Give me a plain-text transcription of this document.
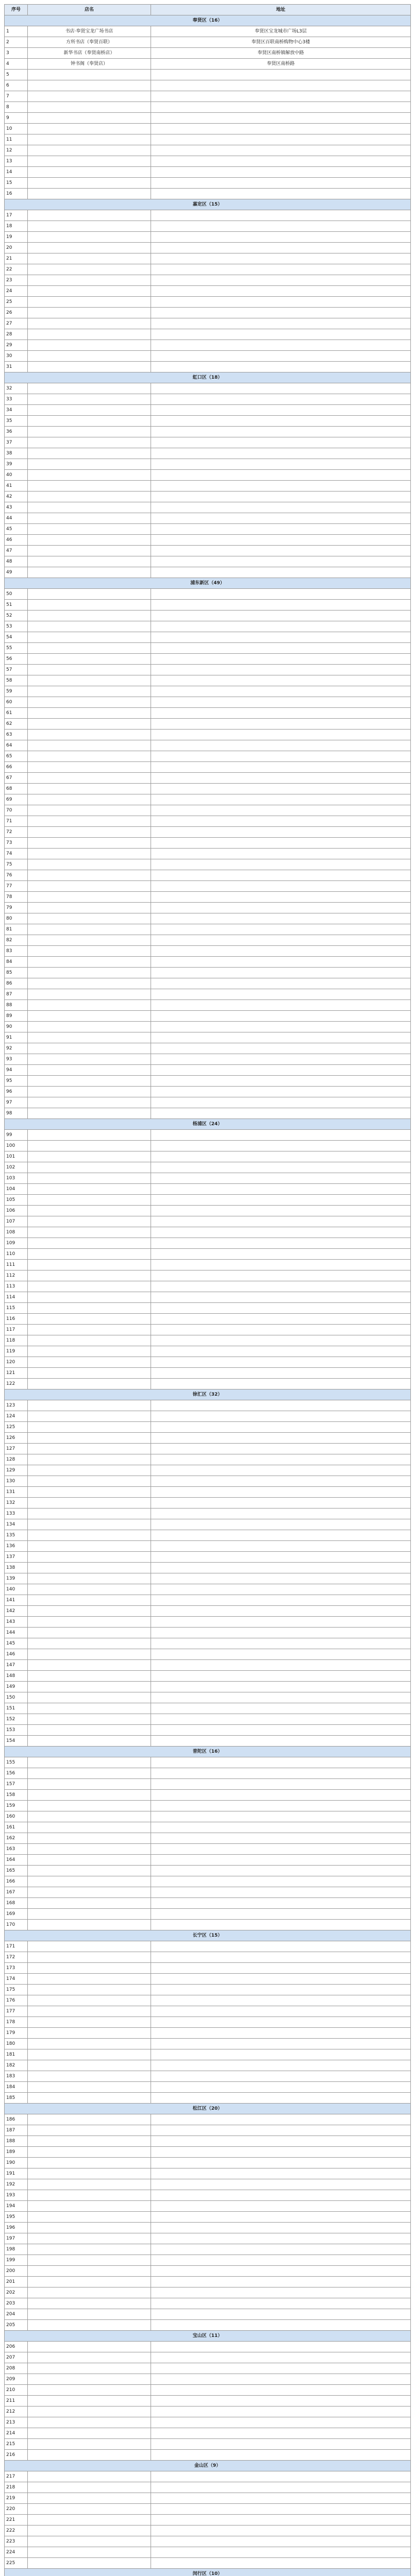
序号	店名	地址
奉贤区（16）		
1	书店·奉贤宝龙广场书店	奉贤区宝龙城市广场L3层
2	方所书店（奉贤百联）	奉贤区百联南桥购物中心3楼
3	新华书店（奉贤南桥店）	奉贤区南桥镇解放中路
4	钟书阁（奉贤店）	奉贤区南桥路
5		
6		
7		
8		
9		
10		
11		
12		
13		
14		
15		
16		
嘉定区（15）		
17		
18		
19		
20		
21		
22		
23		
24		
25		
26		
27		
28		
29		
30		
31		
虹口区（18）		
32		
33		
34		
35		
36		
37		
38		
39		
40		
41		
42		
43		
44		
45		
46		
47		
48		
49		
浦东新区（49）		
50		
51		
52		
53		
54		
55		
56		
57		
58		
59		
60		
61		
62		
63		
64		
65		
66		
67		
68		
69		
70		
71		
72		
73		
74		
75		
76		
77		
78		
79		
80		
81		
82		
83		
84		
85		
86		
87		
88		
89		
90		
91		
92		
93		
94		
95		
96		
97		
98		
杨浦区（24）		
99		
100		
101		
102		
103		
104		
105		
106		
107		
108		
109		
110		
111		
112		
113		
114		
115		
116		
117		
118		
119		
120		
121		
122		
徐汇区（32）		
123		
124		
125		
126		
127		
128		
129		
130		
131		
132		
133		
134		
135		
136		
137		
138		
139		
140		
141		
142		
143		
144		
145		
146		
147		
148		
149		
150		
151		
152		
153		
154		
普陀区（16）		
155		
156		
157		
158		
159		
160		
161		
162		
163		
164		
165		
166		
167		
168		
169		
170		
长宁区（15）		
171		
172		
173		
174		
175		
176		
177		
178		
179		
180		
181		
182		
183		
184		
185		
松江区（20）		
186		
187		
188		
189		
190		
191		
192		
193		
194		
195		
196		
197		
198		
199		
200		
201		
202		
203		
204		
205		
宝山区（11）		
206		
207		
208		
209		
210		
211		
212		
213		
214		
215		
216		
金山区（9）		
217		
218		
219		
220		
221		
222		
223		
224		
225		
闵行区（10）		
